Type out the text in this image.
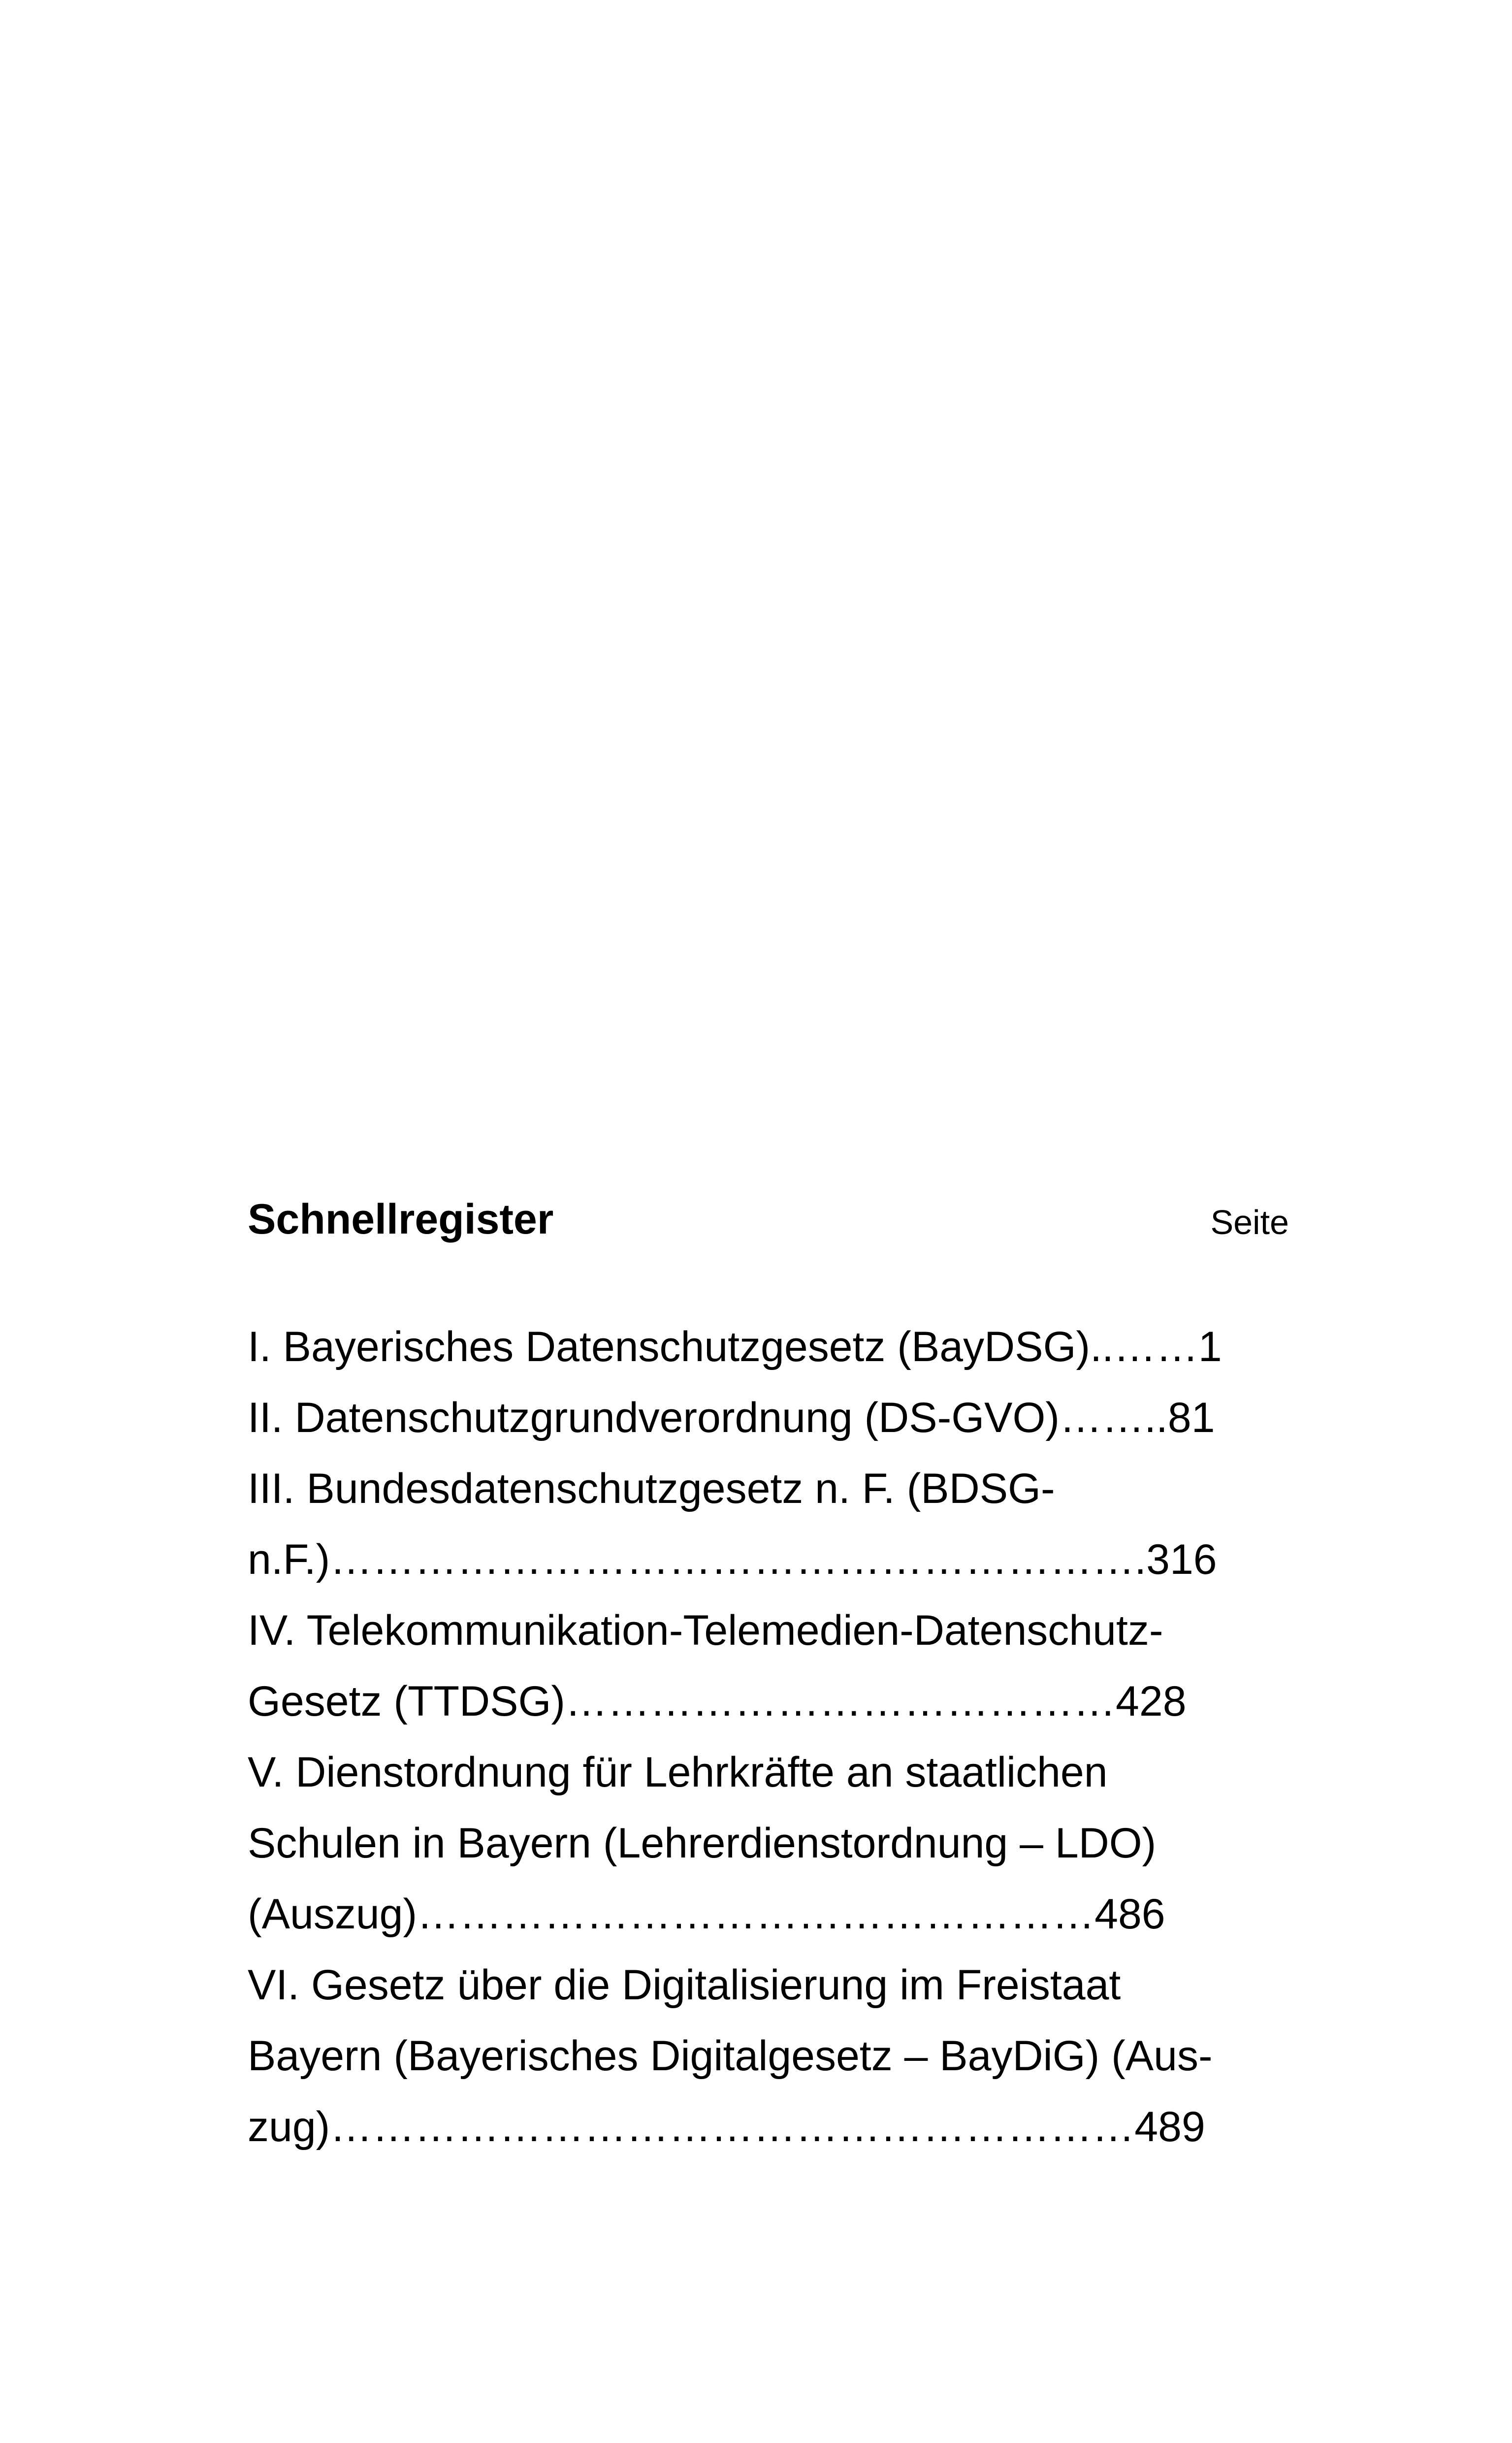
Schnellregister	Seite
I. Bayerisches Datenschutzgesetz (BayDSG)..……1
II. Datenschutzgrundverordnung (DS-GVO)……..81
III. Bundesdatenschutzgesetz n. F. (BDSG-
n.F.)………………………………………………….316
IV. Telekommunikation-Telemedien-Datenschutz-
Gesetz (TTDSG)…………………………………428
V. Dienstordnung für Lehrkräfte an staatlichen
Schulen in Bayern (Lehrerdienstordnung – LDO)
(Auszug)…………………………………………486
VI. Gesetz über die Digitalisierung im Freistaat
Bayern (Bayerisches Digitalgesetz – BayDiG) (Aus-
zug)…………………………………………………489
